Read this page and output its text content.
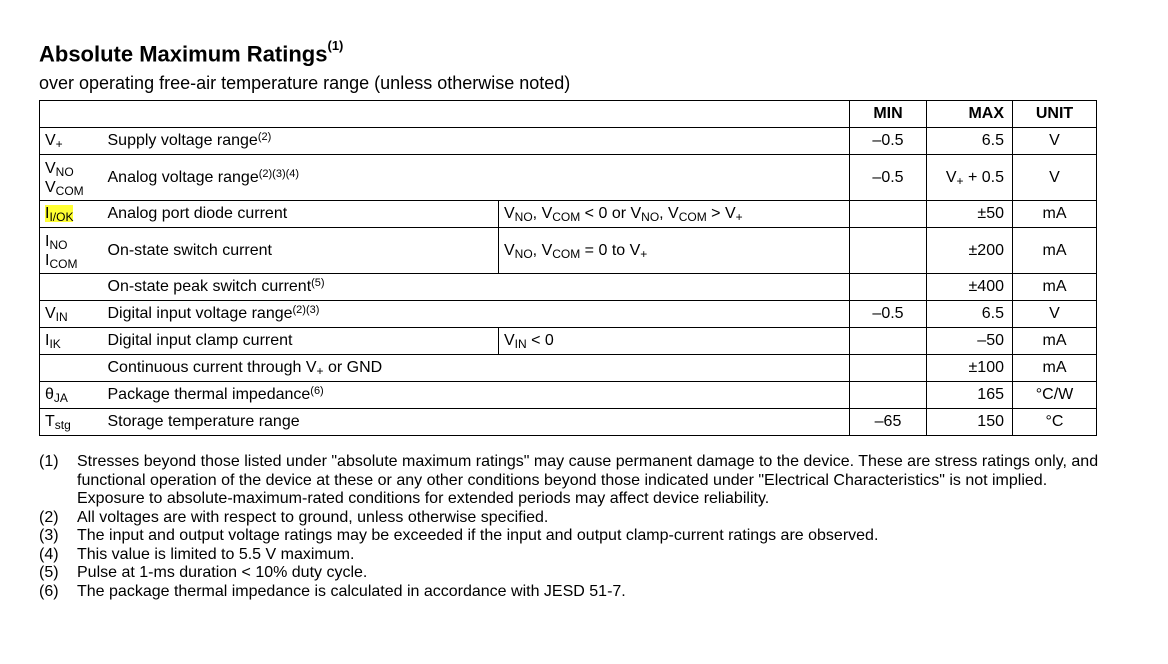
Absolute Maximum Ratings$^{(1)}$
over operating free-air temperature range (unless otherwise noted)
			MIN	MAX	UNIT
$V_+$	Supply voltage range$^{(2)}$		–0.5	6.5	V

$V_{NO}$
$V_{COM}$	Analog voltage range$^{(2)(3)(4)}$		–0.5	$V_+ + 0.5$	V
$I_{I/OK}$	Analog port diode current	$V_{NO}$, $V_{COM} < 0$ or $V_{NO}$, $V_{COM} > V_+$		±50	mA

$I_{NO}$
$I_{COM}$	On-state switch current	$V_{NO}$, $V_{COM} = 0$ to $V_+$		±200	mA
	On-state peak switch current$^{(5)}$			±400	mA
$V_{IN}$	Digital input voltage range$^{(2)(3)}$		–0.5	6.5	V
$I_{IK}$	Digital input clamp current	$V_{IN} < 0$		–50	mA
	Continuous current through $V_+$ or GND			±100	mA
$\theta_{JA}$	Package thermal impedance$^{(6)}$			165	°C/W
$T_{stg}$	Storage temperature range		–65	150	°C
(1)	Stresses beyond those listed under "absolute maximum ratings" may cause permanent damage to the device. These are stress ratings only, and functional operation of the device at these or any other conditions beyond those indicated under "Electrical Characteristics" is not implied. Exposure to absolute-maximum-rated conditions for extended periods may affect device reliability.
(2)	All voltages are with respect to ground, unless otherwise specified.
(3)	The input and output voltage ratings may be exceeded if the input and output clamp-current ratings are observed.
(4)	This value is limited to 5.5 V maximum.
(5)	Pulse at 1-ms duration < 10% duty cycle.
(6)	The package thermal impedance is calculated in accordance with JESD 51-7.
